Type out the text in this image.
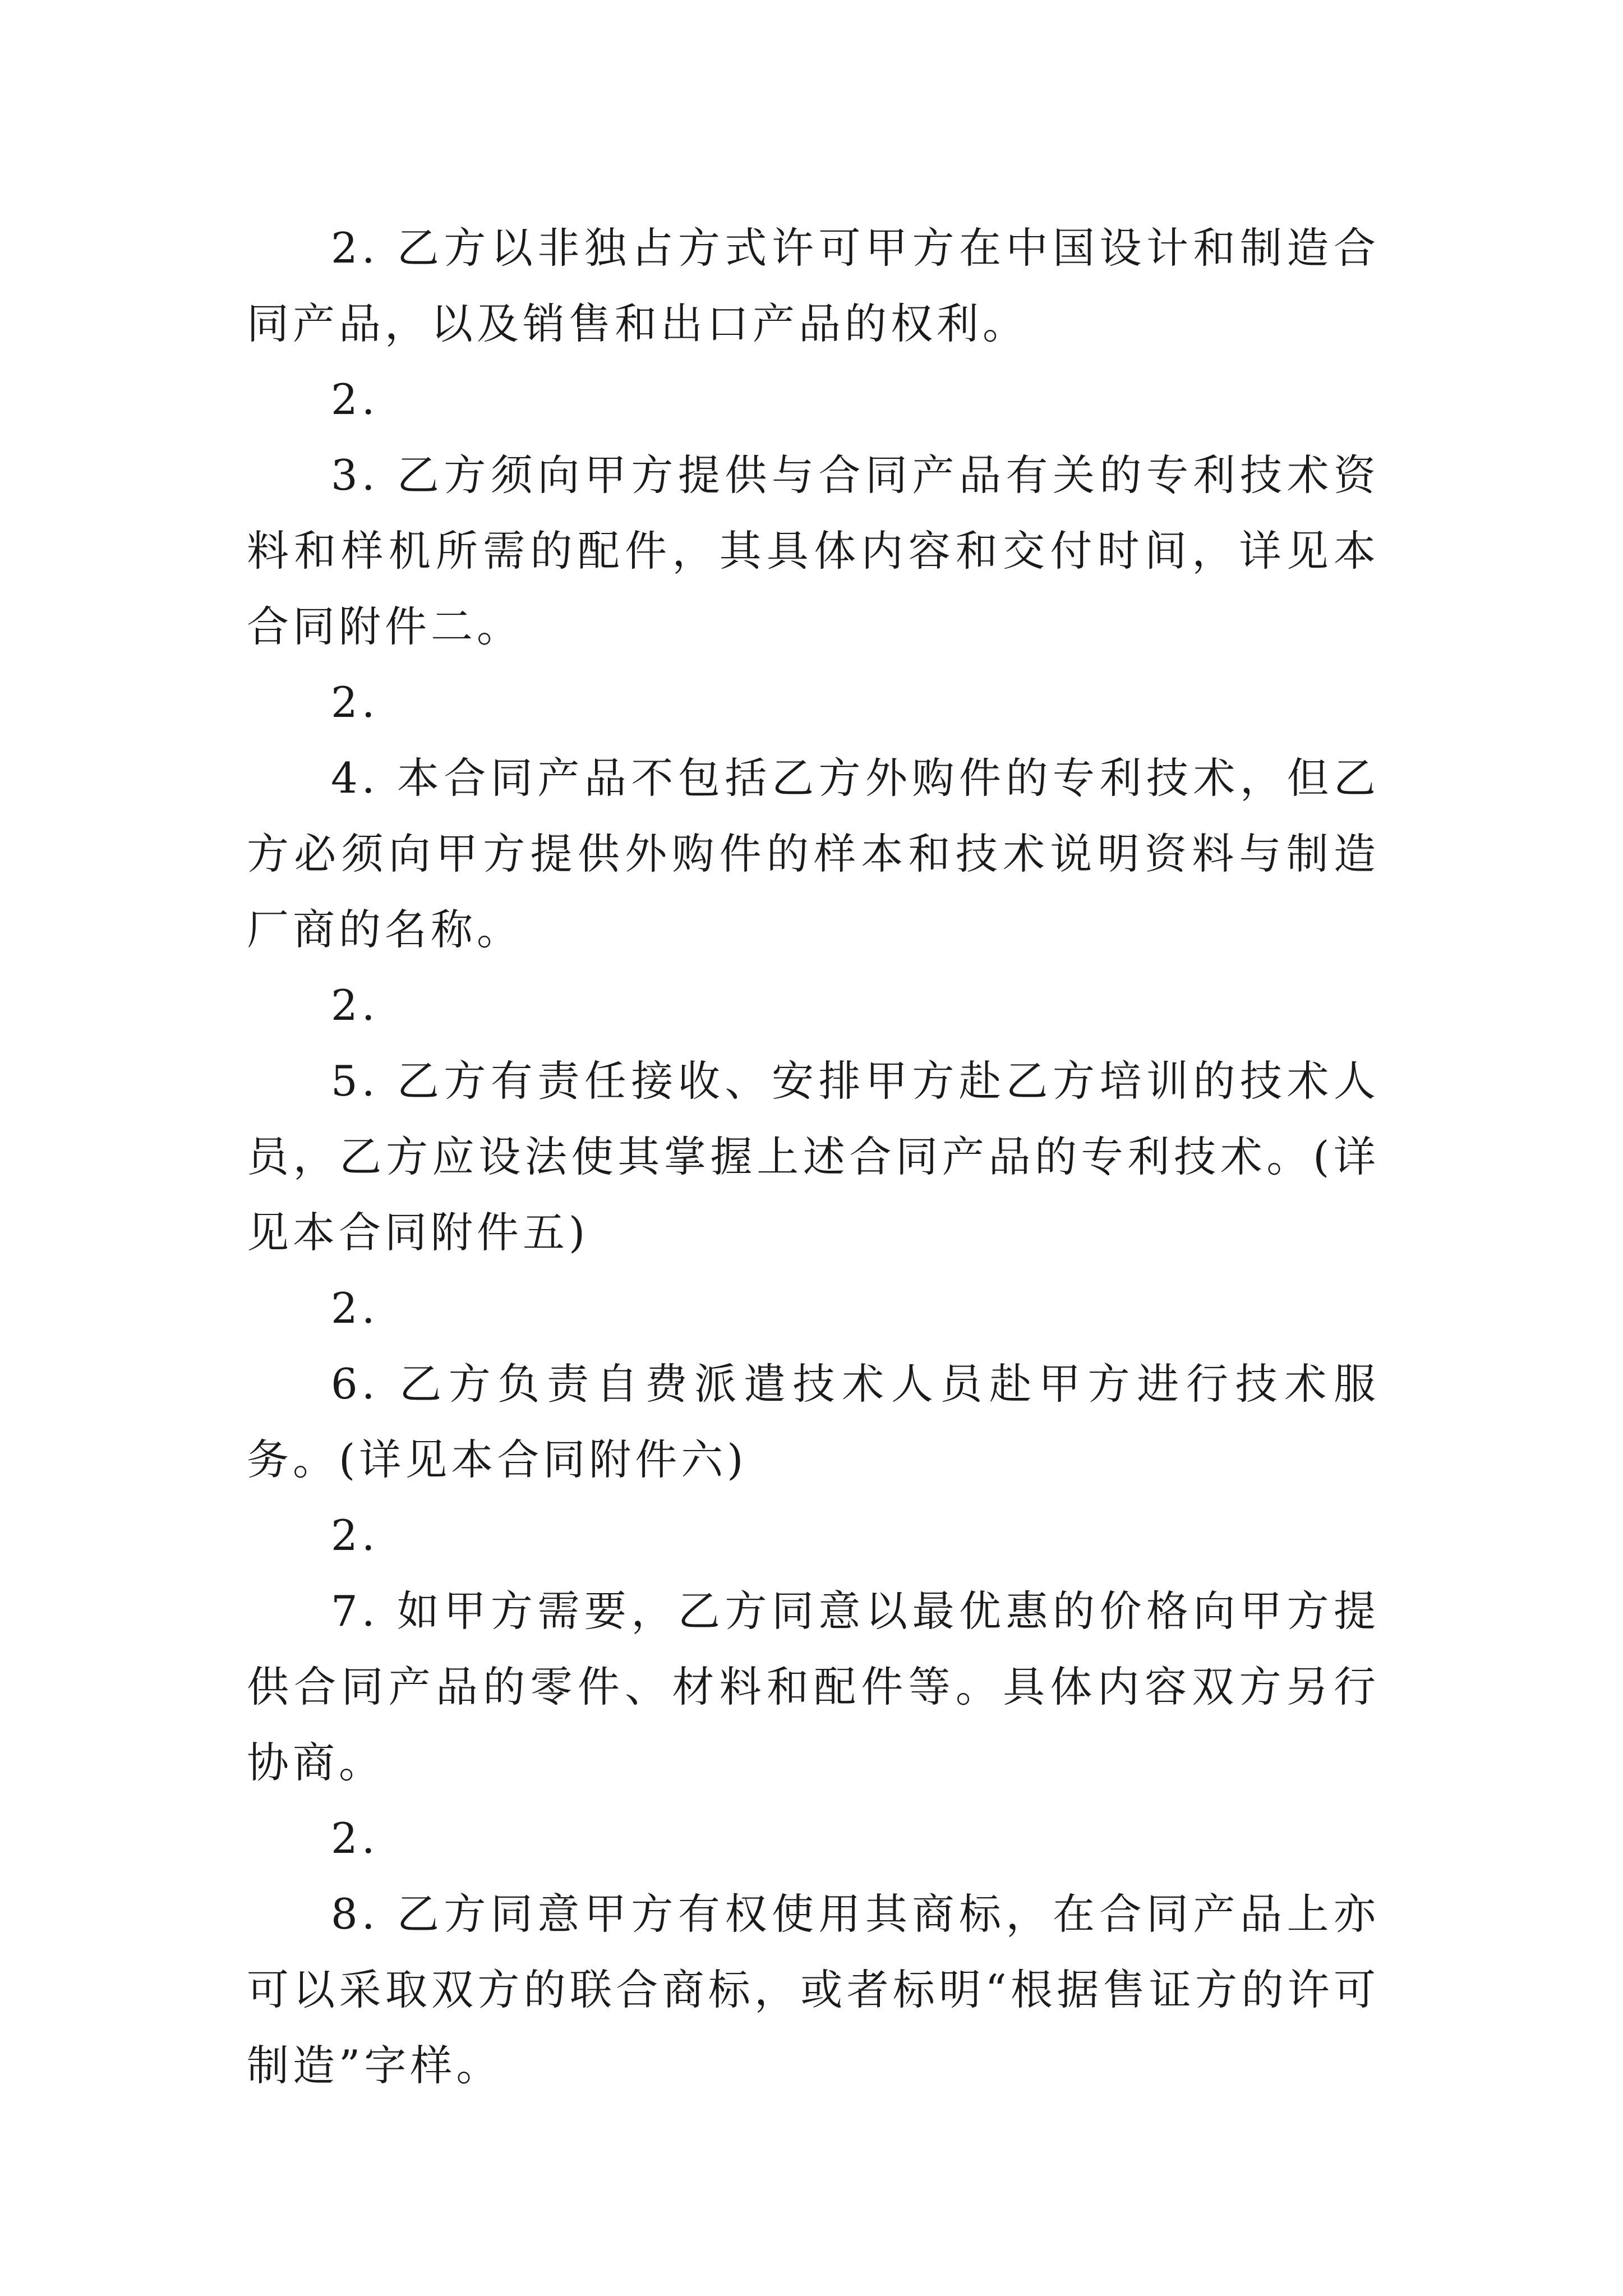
2. 乙方以非独占方式许可甲方在中国设计和制造合同产品，以及销售和出口产品的权利。

2.

3. 乙方须向甲方提供与合同产品有关的专利技术资料和样机所需的配件，其具体内容和交付时间，详见本合同附件二。

2.

4. 本合同产品不包括乙方外购件的专利技术，但乙方必须向甲方提供外购件的样本和技术说明资料与制造厂商的名称。

2.

5. 乙方有责任接收、安排甲方赴乙方培训的技术人员，乙方应设法使其掌握上述合同产品的专利技术。(详见本合同附件五)

2.

6. 乙方负责自费派遣技术人员赴甲方进行技术服务。(详见本合同附件六)

2.

7. 如甲方需要，乙方同意以最优惠的价格向甲方提供合同产品的零件、材料和配件等。具体内容双方另行协商。

2.

8. 乙方同意甲方有权使用其商标，在合同产品上亦可以采取双方的联合商标，或者标明“根据售证方的许可制造”字样。
